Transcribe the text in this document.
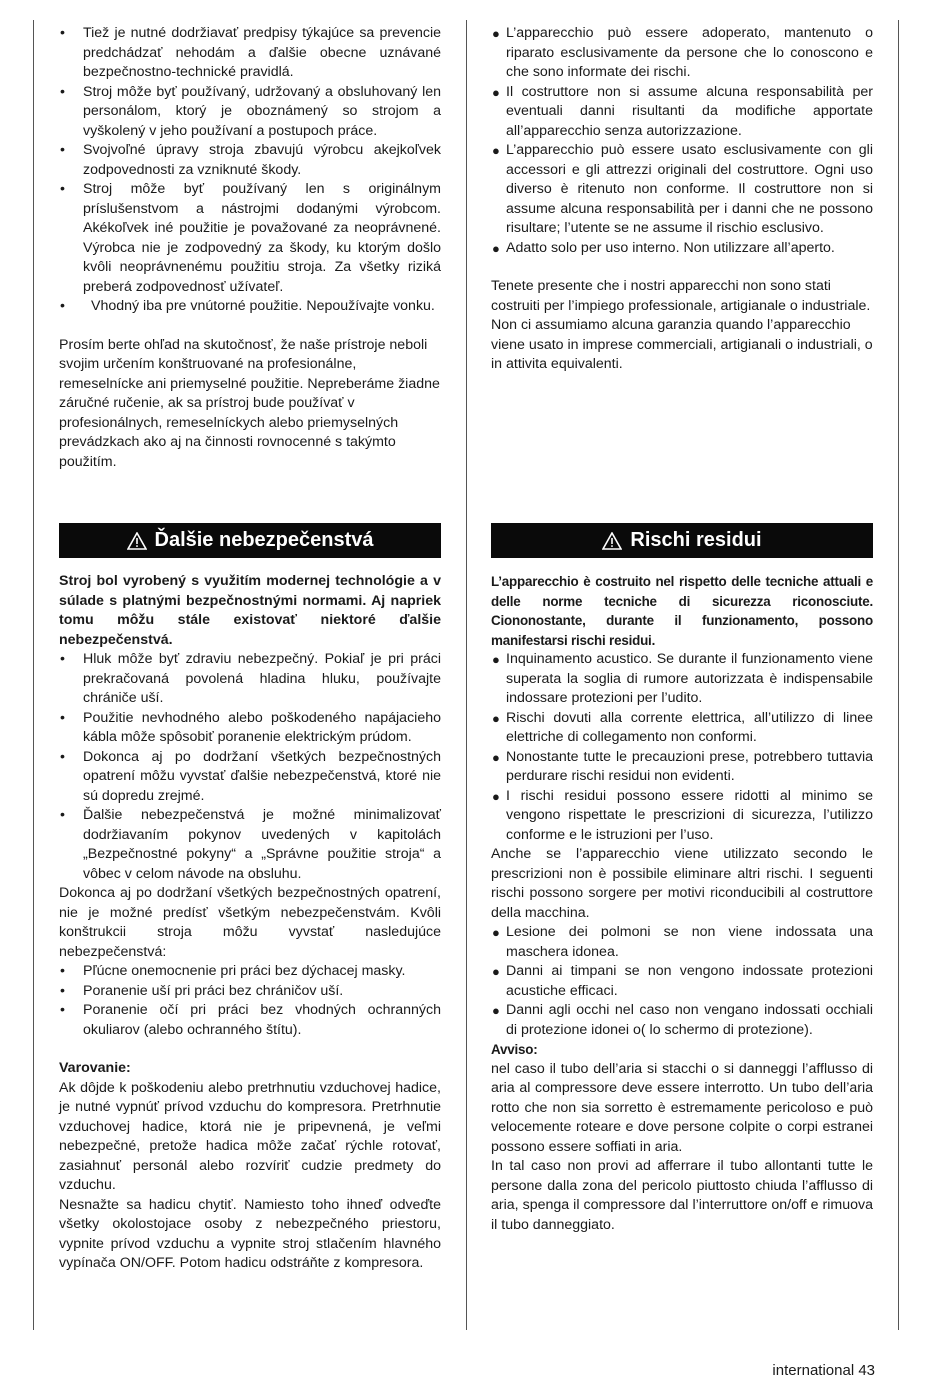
• Tiež je nutné dodržiavať predpisy týkajúce sa prevencie predchádzať nehodám a ďalšie obecne uznávané bezpečnostno-technické pravidlá.
• Stroj môže byť používaný, udržovaný a obsluhovaný len personálom, ktorý je oboznámený so strojom a vyškolený v jeho používaní a postupoch práce.
• Svojvoľné úpravy stroja zbavujú výrobcu akejkoľvek zodpovednosti za vzniknuté škody.
• Stroj môže byť používaný len s originálnym príslušenstvom a nástrojmi dodanými výrobcom. Akékoľvek iné použitie je považované za neoprávnené. Výrobca nie je zodpovedný za škody, ku ktorým došlo kvôli neoprávnenému použitiu stroja. Za všetky riziká preberá zodpovednosť užívateľ.
• Vhodný iba pre vnútorné použitie. Nepoužívajte vonku.

Prosím berte ohľad na skutočnosť, že naše prístroje neboli svojim určením konštruované na profesionálne, remeselnícke ani priemyselné použitie. Nepreberáme žiadne záručné ručenie, ak sa prístroj bude používať v profesionálnych, remeselníckych alebo priemyselných prevádzkach ako aj na činnosti rovnocenné s takýmto použitím.

● L’apparecchio può essere adoperato, mantenuto o riparato esclusivamente da persone che lo conoscono e che sono informate dei rischi.
● Il costruttore non si assume alcuna responsabilità per eventuali danni risultanti da modifiche apportate all’apparecchio senza autorizzazione.
● L’apparecchio può essere usato esclusivamente con gli accessori e gli attrezzi originali del costruttore. Ogni uso diverso è ritenuto non conforme. Il costruttore non si assume alcuna responsabilità per i danni che ne possono risultare; l’utente se ne assume il rischio esclusivo.
● Adatto solo per uso interno. Non utilizzare all’aperto.

Tenete presente che i nostri apparecchi non sono stati costruiti per l’impiego professionale, artigianale o industriale. Non ci assumiamo alcuna garanzia quando l’apparecchio viene usato in imprese commerciali, artigianali o industriali, o in attivita equivalenti.

Ďalšie nebezpečenstvá	Rischi residui

Stroj bol vyrobený s využitím modernej technológie a v súlade s platnými bezpečnostnými normami. Aj napriek tomu môžu stále existovať niektoré ďalšie nebezpečenstvá.

• Hluk môže byť zdraviu nebezpečný. Pokiaľ je pri práci prekračovaná povolená hladina hluku, používajte chrániče uší.
• Použitie nevhodného alebo poškodeného napájacieho kábla môže spôsobiť poranenie elektrickým prúdom.
• Dokonca aj po dodržaní všetkých bezpečnostných opatrení môžu vyvstať ďalšie nebezpečenstvá, ktoré nie sú dopredu zrejmé.
• Ďalšie nebezpečenstvá je možné minimalizovať dodržiavaním pokynov uvedených v kapitolách „Bezpečnostné pokyny“ a „Správne použitie stroja“ a vôbec v celom návode na obsluhu.

Dokonca aj po dodržaní všetkých bezpečnostných opatrení, nie je možné predísť všetkým nebezpečenstvám. Kvôli konštrukcii stroja môžu vyvstať nasledujúce nebezpečenstvá:

• Pľúcne onemocnenie pri práci bez dýchacej masky.
• Poranenie uší pri práci bez chráničov uší.
• Poranenie očí pri práci bez vhodných ochranných okuliarov (alebo ochranného štítu).

Varovanie:

Ak dôjde k poškodeniu alebo pretrhnutiu vzduchovej hadice, je nutné vypnúť prívod vzduchu do kompresora. Pretrhnutie vzduchovej hadice, ktorá nie je pripevnená, je veľmi nebezpečné, pretože hadica môže začať rýchle rotovať, zasiahnuť personál alebo rozvíriť cudzie predmety do vzduchu.

Nesnažte sa hadicu chytiť. Namiesto toho ihneď odveďte všetky okolostojace osoby z nebezpečného priestoru, vypnite prívod vzduchu a vypnite stroj stlačením hlavného vypínača ON/OFF. Potom hadicu odstráňte z kompresora.

L’apparecchio è costruito nel rispetto delle tecniche attuali e delle norme tecniche di sicurezza riconosciute. Ciononostante, durante il funzionamento, possono manifestarsi rischi residui.

● Inquinamento acustico. Se durante il funzionamento viene superata la soglia di rumore autorizzata è indispensabile indossare protezioni per l’udito.
● Rischi dovuti alla corrente elettrica, all’utilizzo di linee elettriche di collegamento non conformi.
● Nonostante tutte le precauzioni prese, potrebbero tuttavia perdurare rischi residui non evidenti.
● I rischi residui possono essere ridotti al minimo se vengono rispettate le prescrizioni di sicurezza, l’utilizzo conforme e le istruzioni per l’uso.

Anche se l’apparecchio viene utilizzato secondo le prescrizioni non è possibile eliminare altri rischi. I seguenti rischi possono sorgere per motivi riconducibili al costruttore della macchina.

● Lesione dei polmoni se non viene indossata una maschera idonea.
● Danni ai timpani se non vengono indossate protezioni acustiche efficaci.
● Danni agli occhi nel caso non vengano indossati occhiali di protezione idonei o( lo schermo di protezione).

Avviso:

nel caso il tubo dell’aria si stacchi o si danneggi l’afflusso di aria al compressore deve essere interrotto. Un tubo dell’aria rotto che non sia sorretto è estremamente pericoloso e può velocemente roteare e dove persone colpite o corpi estranei possono essere soffiati in aria.

In tal caso non provi ad afferrare il tubo allontanti tutte le persone dalla zona del pericolo piuttosto chiuda l’afflusso di aria, spenga il compressore dal l’interruttore on/off e rimuova il tubo danneggiato.

international 43
